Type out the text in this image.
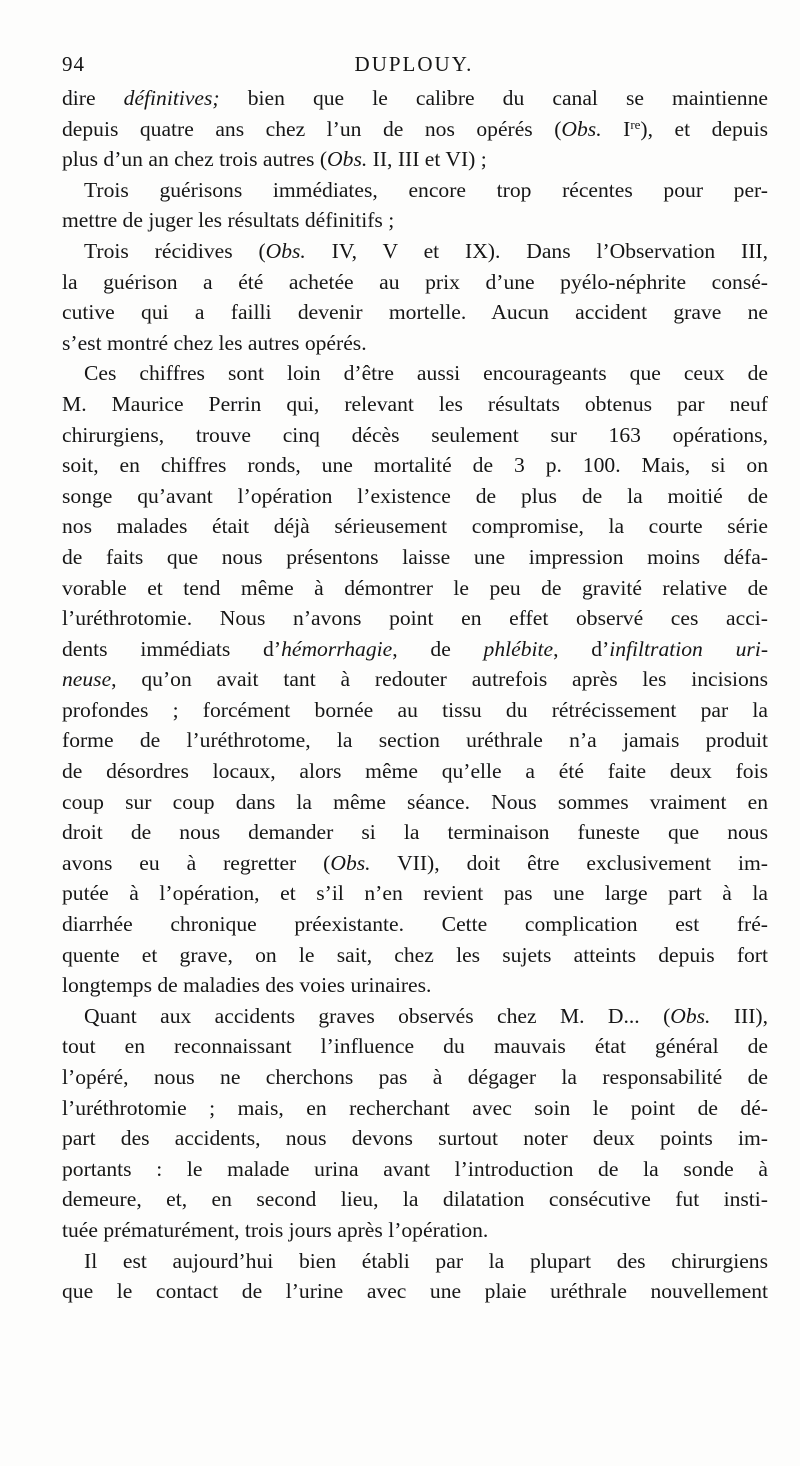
94	DUPLOUY.
dire définitives; bien que le calibre du canal se maintienne
depuis quatre ans chez l’un de nos opérés (Obs. Ire), et depuis
plus d’un an chez trois autres (Obs. II, III et VI) ;
Trois guérisons immédiates, encore trop récentes pour per-
mettre de juger les résultats définitifs ;
Trois récidives (Obs. IV, V et IX). Dans l’Observation III,
la guérison a été achetée au prix d’une pyélo-néphrite consé-
cutive qui a failli devenir mortelle. Aucun accident grave ne
s’est montré chez les autres opérés.
Ces chiffres sont loin d’être aussi encourageants que ceux de
M. Maurice Perrin qui, relevant les résultats obtenus par neuf
chirurgiens, trouve cinq décès seulement sur 163 opérations,
soit, en chiffres ronds, une mortalité de 3 p. 100. Mais, si on
songe qu’avant l’opération l’existence de plus de la moitié de
nos malades était déjà sérieusement compromise, la courte série
de faits que nous présentons laisse une impression moins défa-
vorable et tend même à démontrer le peu de gravité relative de
l’uréthrotomie. Nous n’avons point en effet observé ces acci-
dents immédiats d’hémorrhagie, de phlébite, d’infiltration uri-
neuse, qu’on avait tant à redouter autrefois après les incisions
profondes ; forcément bornée au tissu du rétrécissement par la
forme de l’uréthrotome, la section uréthrale n’a jamais produit
de désordres locaux, alors même qu’elle a été faite deux fois
coup sur coup dans la même séance. Nous sommes vraiment en
droit de nous demander si la terminaison funeste que nous
avons eu à regretter (Obs. VII), doit être exclusivement im-
putée à l’opération, et s’il n’en revient pas une large part à la
diarrhée chronique préexistante. Cette complication est fré-
quente et grave, on le sait, chez les sujets atteints depuis fort
longtemps de maladies des voies urinaires.
Quant aux accidents graves observés chez M. D... (Obs. III),
tout en reconnaissant l’influence du mauvais état général de
l’opéré, nous ne cherchons pas à dégager la responsabilité de
l’uréthrotomie ; mais, en recherchant avec soin le point de dé-
part des accidents, nous devons surtout noter deux points im-
portants : le malade urina avant l’introduction de la sonde à
demeure, et, en second lieu, la dilatation consécutive fut insti-
tuée prématurément, trois jours après l’opération.
Il est aujourd’hui bien établi par la plupart des chirurgiens
que le contact de l’urine avec une plaie uréthrale nouvellement
